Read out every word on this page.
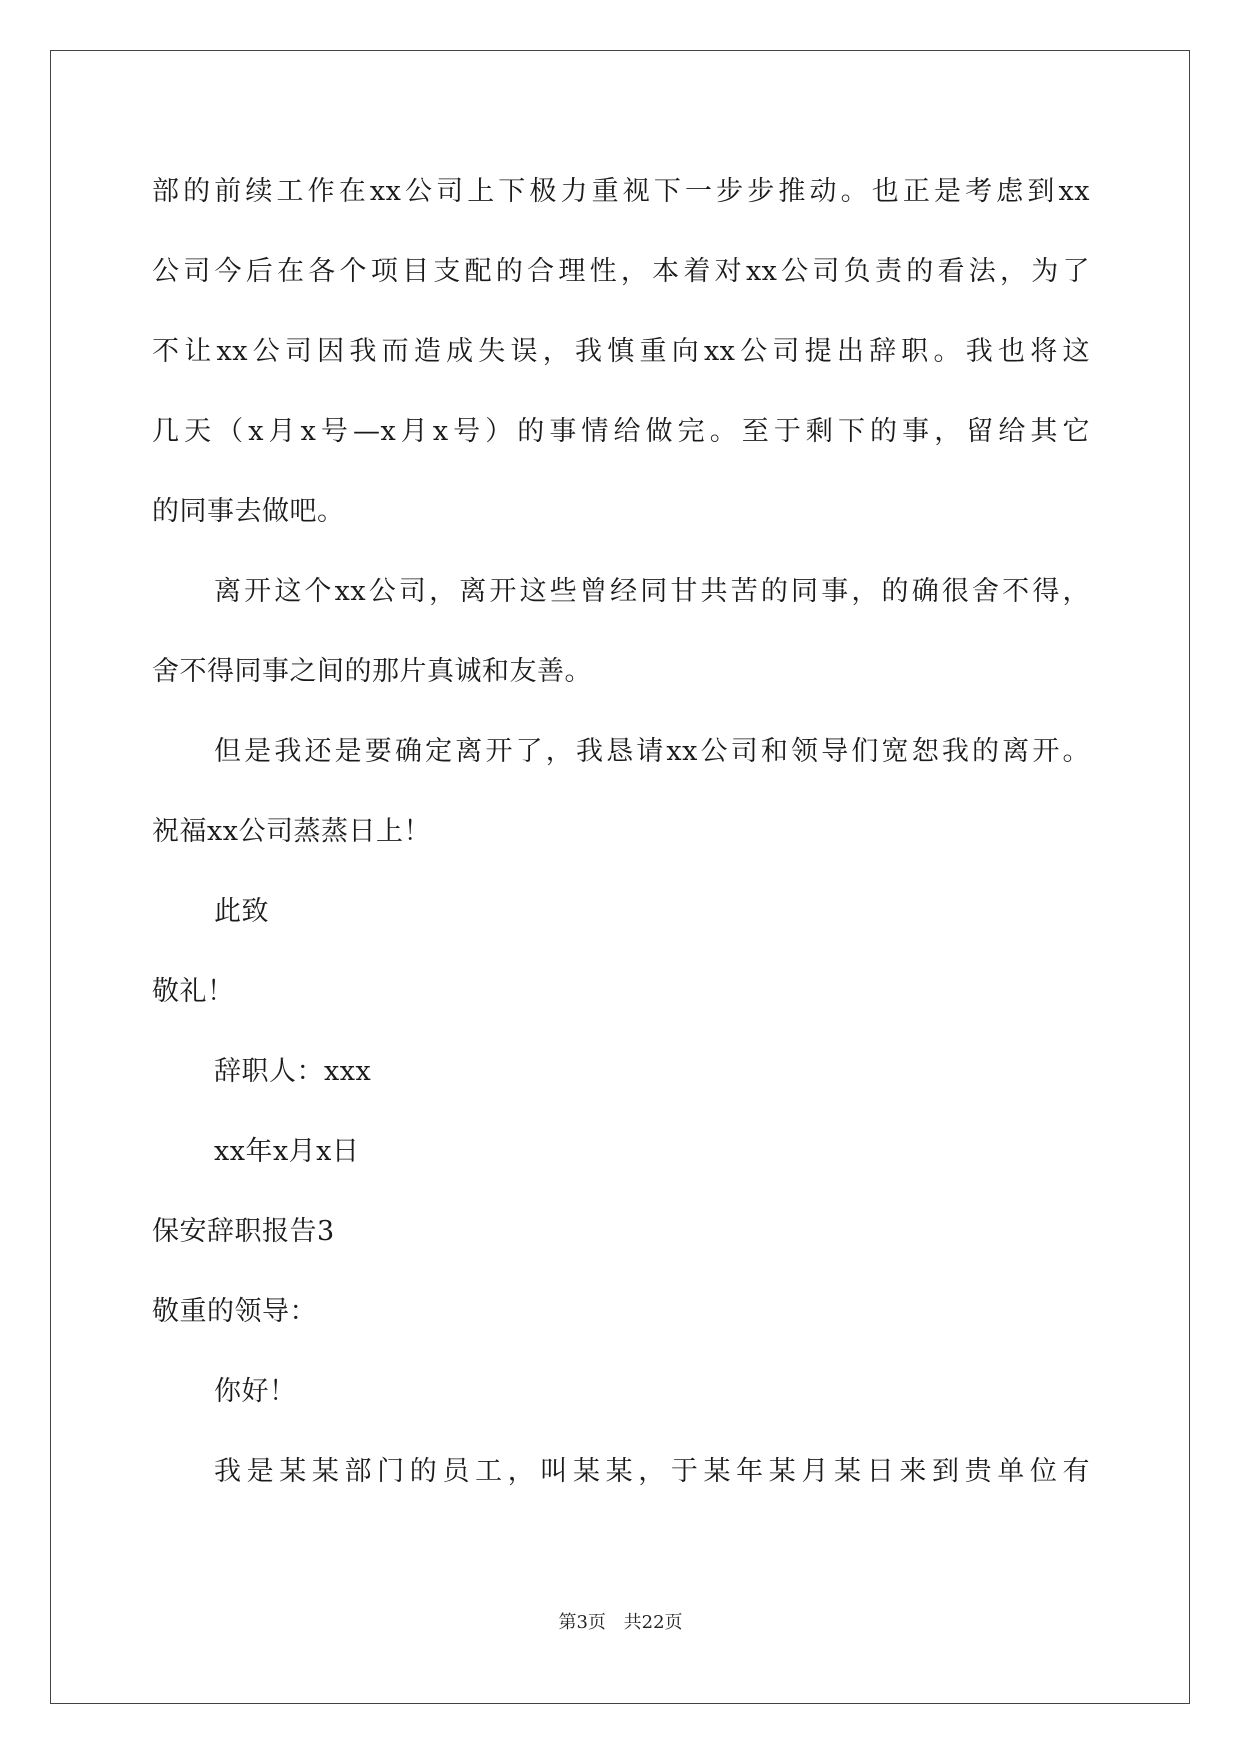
部的前续工作在xx公司上下极力重视下一步步推动。也正是考虑到xx
公司今后在各个项目支配的合理性，本着对xx公司负责的看法，为了
不让xx公司因我而造成失误，我慎重向xx公司提出辞职。我也将这
几天（x月x号—x月x号）的事情给做完。至于剩下的事，留给其它
的同事去做吧。
离开这个xx公司，离开这些曾经同甘共苦的同事，的确很舍不得，
舍不得同事之间的那片真诚和友善。
但是我还是要确定离开了，我恳请xx公司和领导们宽恕我的离开。
祝福xx公司蒸蒸日上！
此致
敬礼！
辞职人：xxx
xx年x月x日
保安辞职报告3
敬重的领导：
你好！
我是某某部门的员工，叫某某，于某年某月某日来到贵单位有
第3页 共22页
